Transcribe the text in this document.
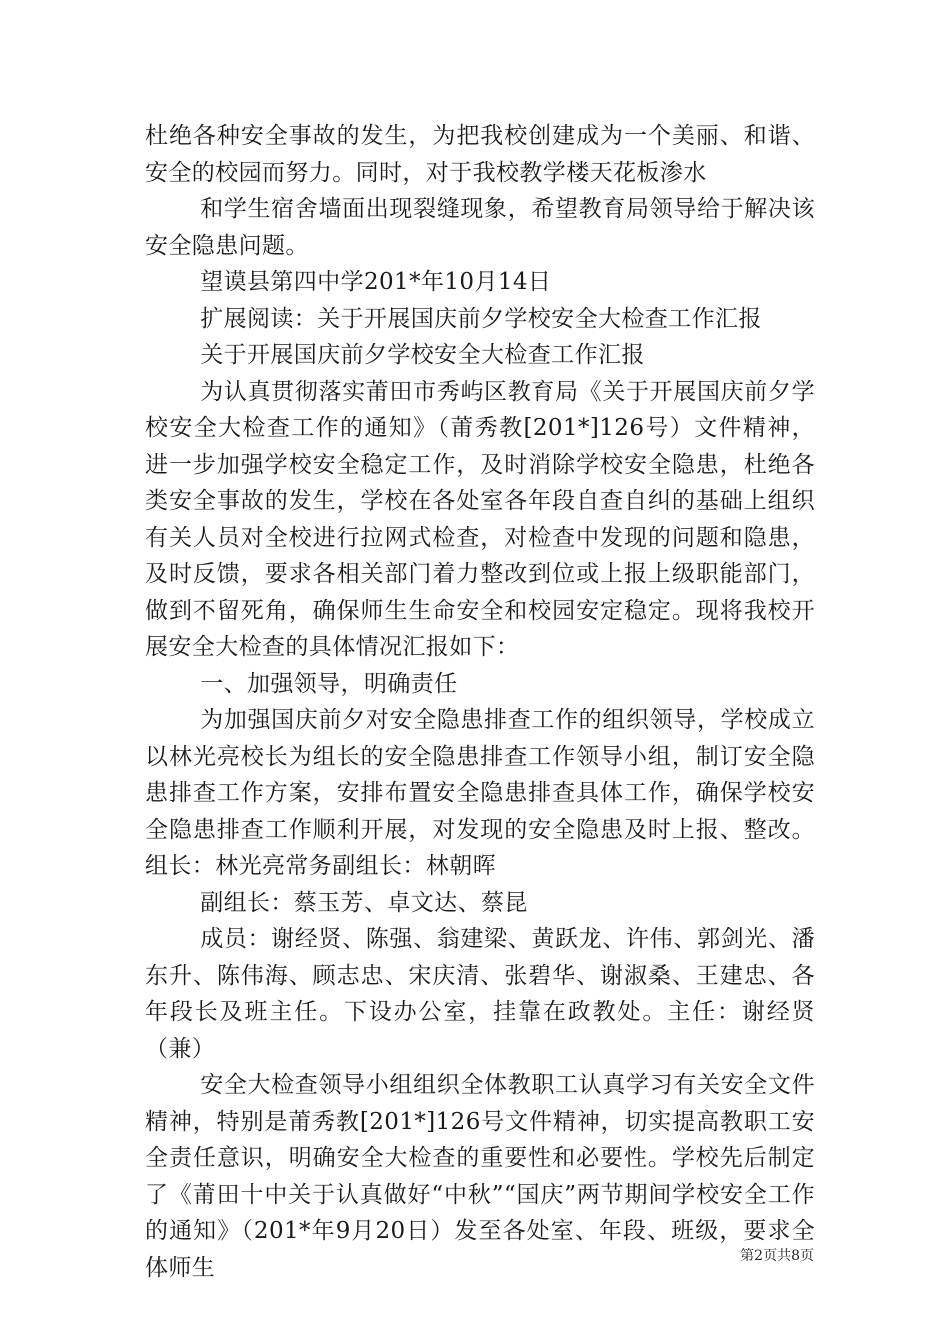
杜绝各种安全事故的发生，为把我校创建成为一个美丽、和谐、安全的校园而努力。同时，对于我校教学楼天花板渗水

和学生宿舍墙面出现裂缝现象，希望教育局领导给于解决该安全隐患问题。

望谟县第四中学201*年10月14日

扩展阅读：关于开展国庆前夕学校安全大检查工作汇报

关于开展国庆前夕学校安全大检查工作汇报

为认真贯彻落实莆田市秀屿区教育局《关于开展国庆前夕学校安全大检查工作的通知》（莆秀教[201*]126号）文件精神，进一步加强学校安全稳定工作，及时消除学校安全隐患，杜绝各类安全事故的发生，学校在各处室各年段自查自纠的基础上组织有关人员对全校进行拉网式检查，对检查中发现的问题和隐患，及时反馈，要求各相关部门着力整改到位或上报上级职能部门，做到不留死角，确保师生生命安全和校园安定稳定。现将我校开展安全大检查的具体情况汇报如下：

一、加强领导，明确责任

为加强国庆前夕对安全隐患排查工作的组织领导，学校成立以林光亮校长为组长的安全隐患排查工作领导小组，制订安全隐患排查工作方案，安排布置安全隐患排查具体工作，确保学校安全隐患排查工作顺利开展，对发现的安全隐患及时上报、整改。组长：林光亮常务副组长：林朝晖

副组长：蔡玉芳、卓文达、蔡昆

成员：谢经贤、陈强、翁建梁、黄跃龙、许伟、郭剑光、潘东升、陈伟海、顾志忠、宋庆清、张碧华、谢淑桑、王建忠、各年段长及班主任。下设办公室，挂靠在政教处。主任：谢经贤（兼）

安全大检查领导小组组织全体教职工认真学习有关安全文件精神，特别是莆秀教[201*]126号文件精神，切实提高教职工安全责任意识，明确安全大检查的重要性和必要性。学校先后制定了《莆田十中关于认真做好“中秋”“国庆”两节期间学校安全工作的通知》（201*年9月20日）发至各处室、年段、班级，要求全体师生	第2页共8页
